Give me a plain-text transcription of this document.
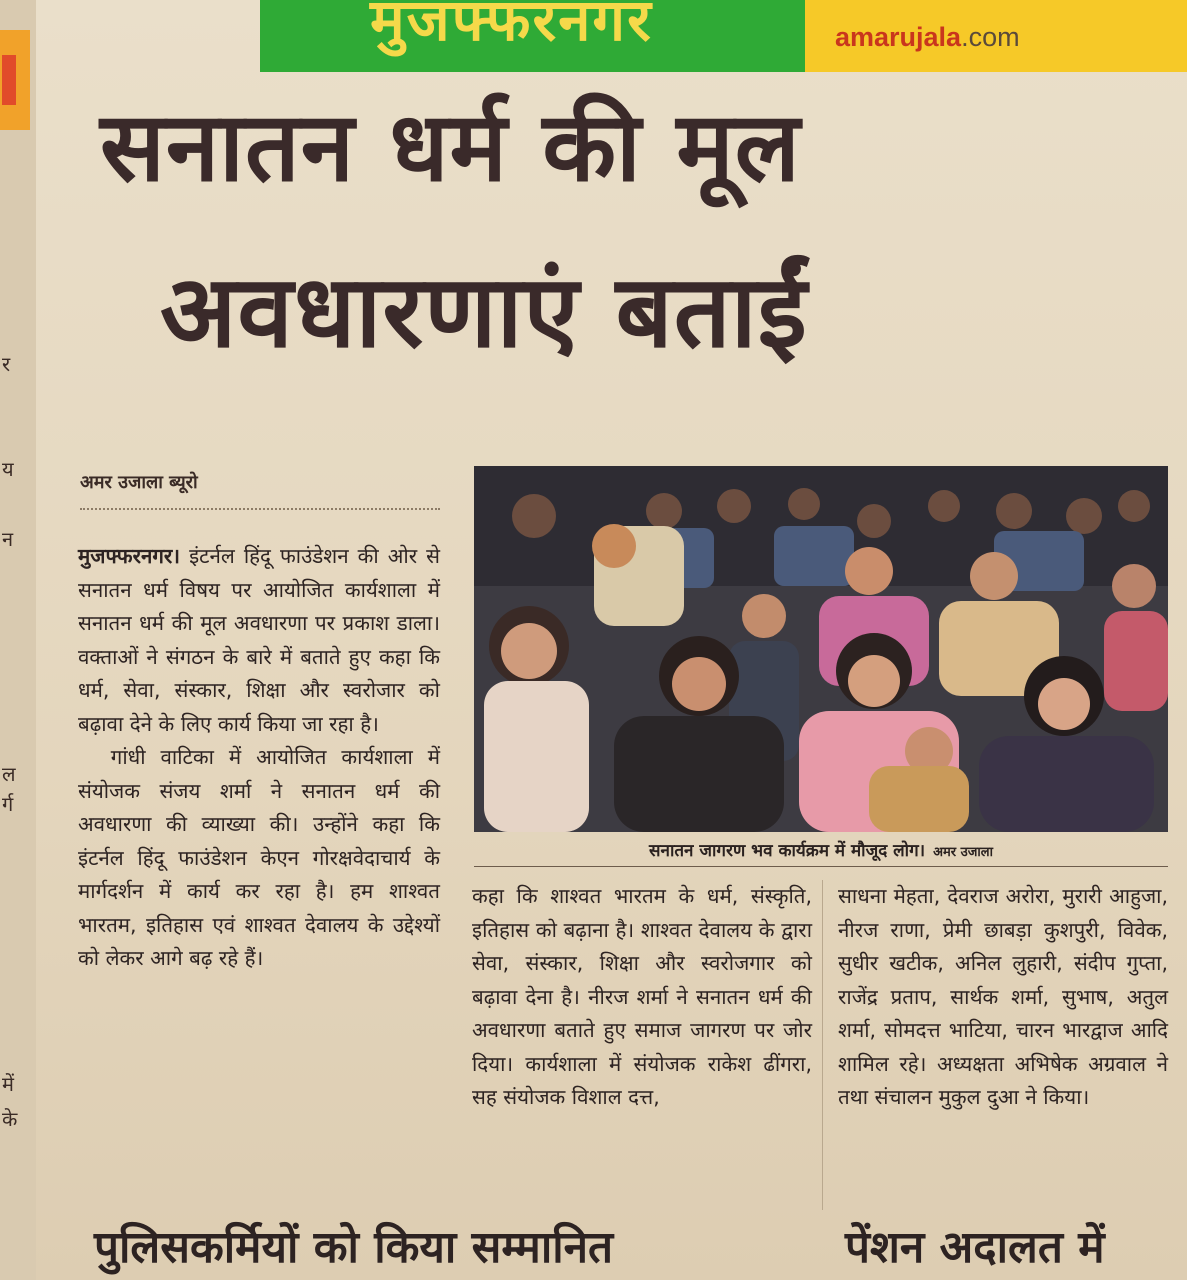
र
य
न
ल
र्ग
में
के
मुजफ्फरनगर	amarujala.com
सनातन धर्म की मूल
अवधारणाएं बताईं
अमर उजाला ब्यूरो

मुजफ्फरनगर। इंटर्नल हिंदू फाउंडेशन की ओर से सनातन धर्म विषय पर आयोजित कार्यशाला में सनातन धर्म की मूल अवधारणा पर प्रकाश डाला। वक्ताओं ने संगठन के बारे में बताते हुए कहा कि धर्म, सेवा, संस्कार, शिक्षा और स्वरोजार को बढ़ावा देने के लिए कार्य किया जा रहा है।

गांधी वाटिका में आयोजित कार्यशाला में संयोजक संजय शर्मा ने सनातन धर्म की अवधारणा की व्याख्या की। उन्होंने कहा कि इंटर्नल हिंदू फाउंडेशन केएन गोरक्षवेदाचार्य के मार्गदर्शन में कार्य कर रहा है। हम शाश्वत भारतम, इतिहास एवं शाश्वत देवालय के उद्देश्यों को लेकर आगे बढ़ रहे हैं।

सनातन जागरण भव कार्यक्रम में मौजूद लोग। अमर उजाला

कहा कि शाश्वत भारतम के धर्म, संस्कृति, इतिहास को बढ़ाना है। शाश्वत देवालय के द्वारा सेवा, संस्कार, शिक्षा और स्वरोजगार को बढ़ावा देना है। नीरज शर्मा ने सनातन धर्म की अवधारणा बताते हुए समाज जागरण पर जोर दिया। कार्यशाला में संयोजक राकेश ढींगरा, सह संयोजक विशाल दत्त,

साधना मेहता, देवराज अरोरा, मुरारी आहुजा, नीरज राणा, प्रेमी छाबड़ा कुशपुरी, विवेक, सुधीर खटीक, अनिल लुहारी, संदीप गुप्ता, राजेंद्र प्रताप, सार्थक शर्मा, सुभाष, अतुल शर्मा, सोमदत्त भाटिया, चारन भारद्वाज आदि शामिल रहे। अध्यक्षता अभिषेक अग्रवाल ने तथा संचालन मुकुल दुआ ने किया।

पुलिसकर्मियों को किया सम्मानित	पेंशन अदालत में
